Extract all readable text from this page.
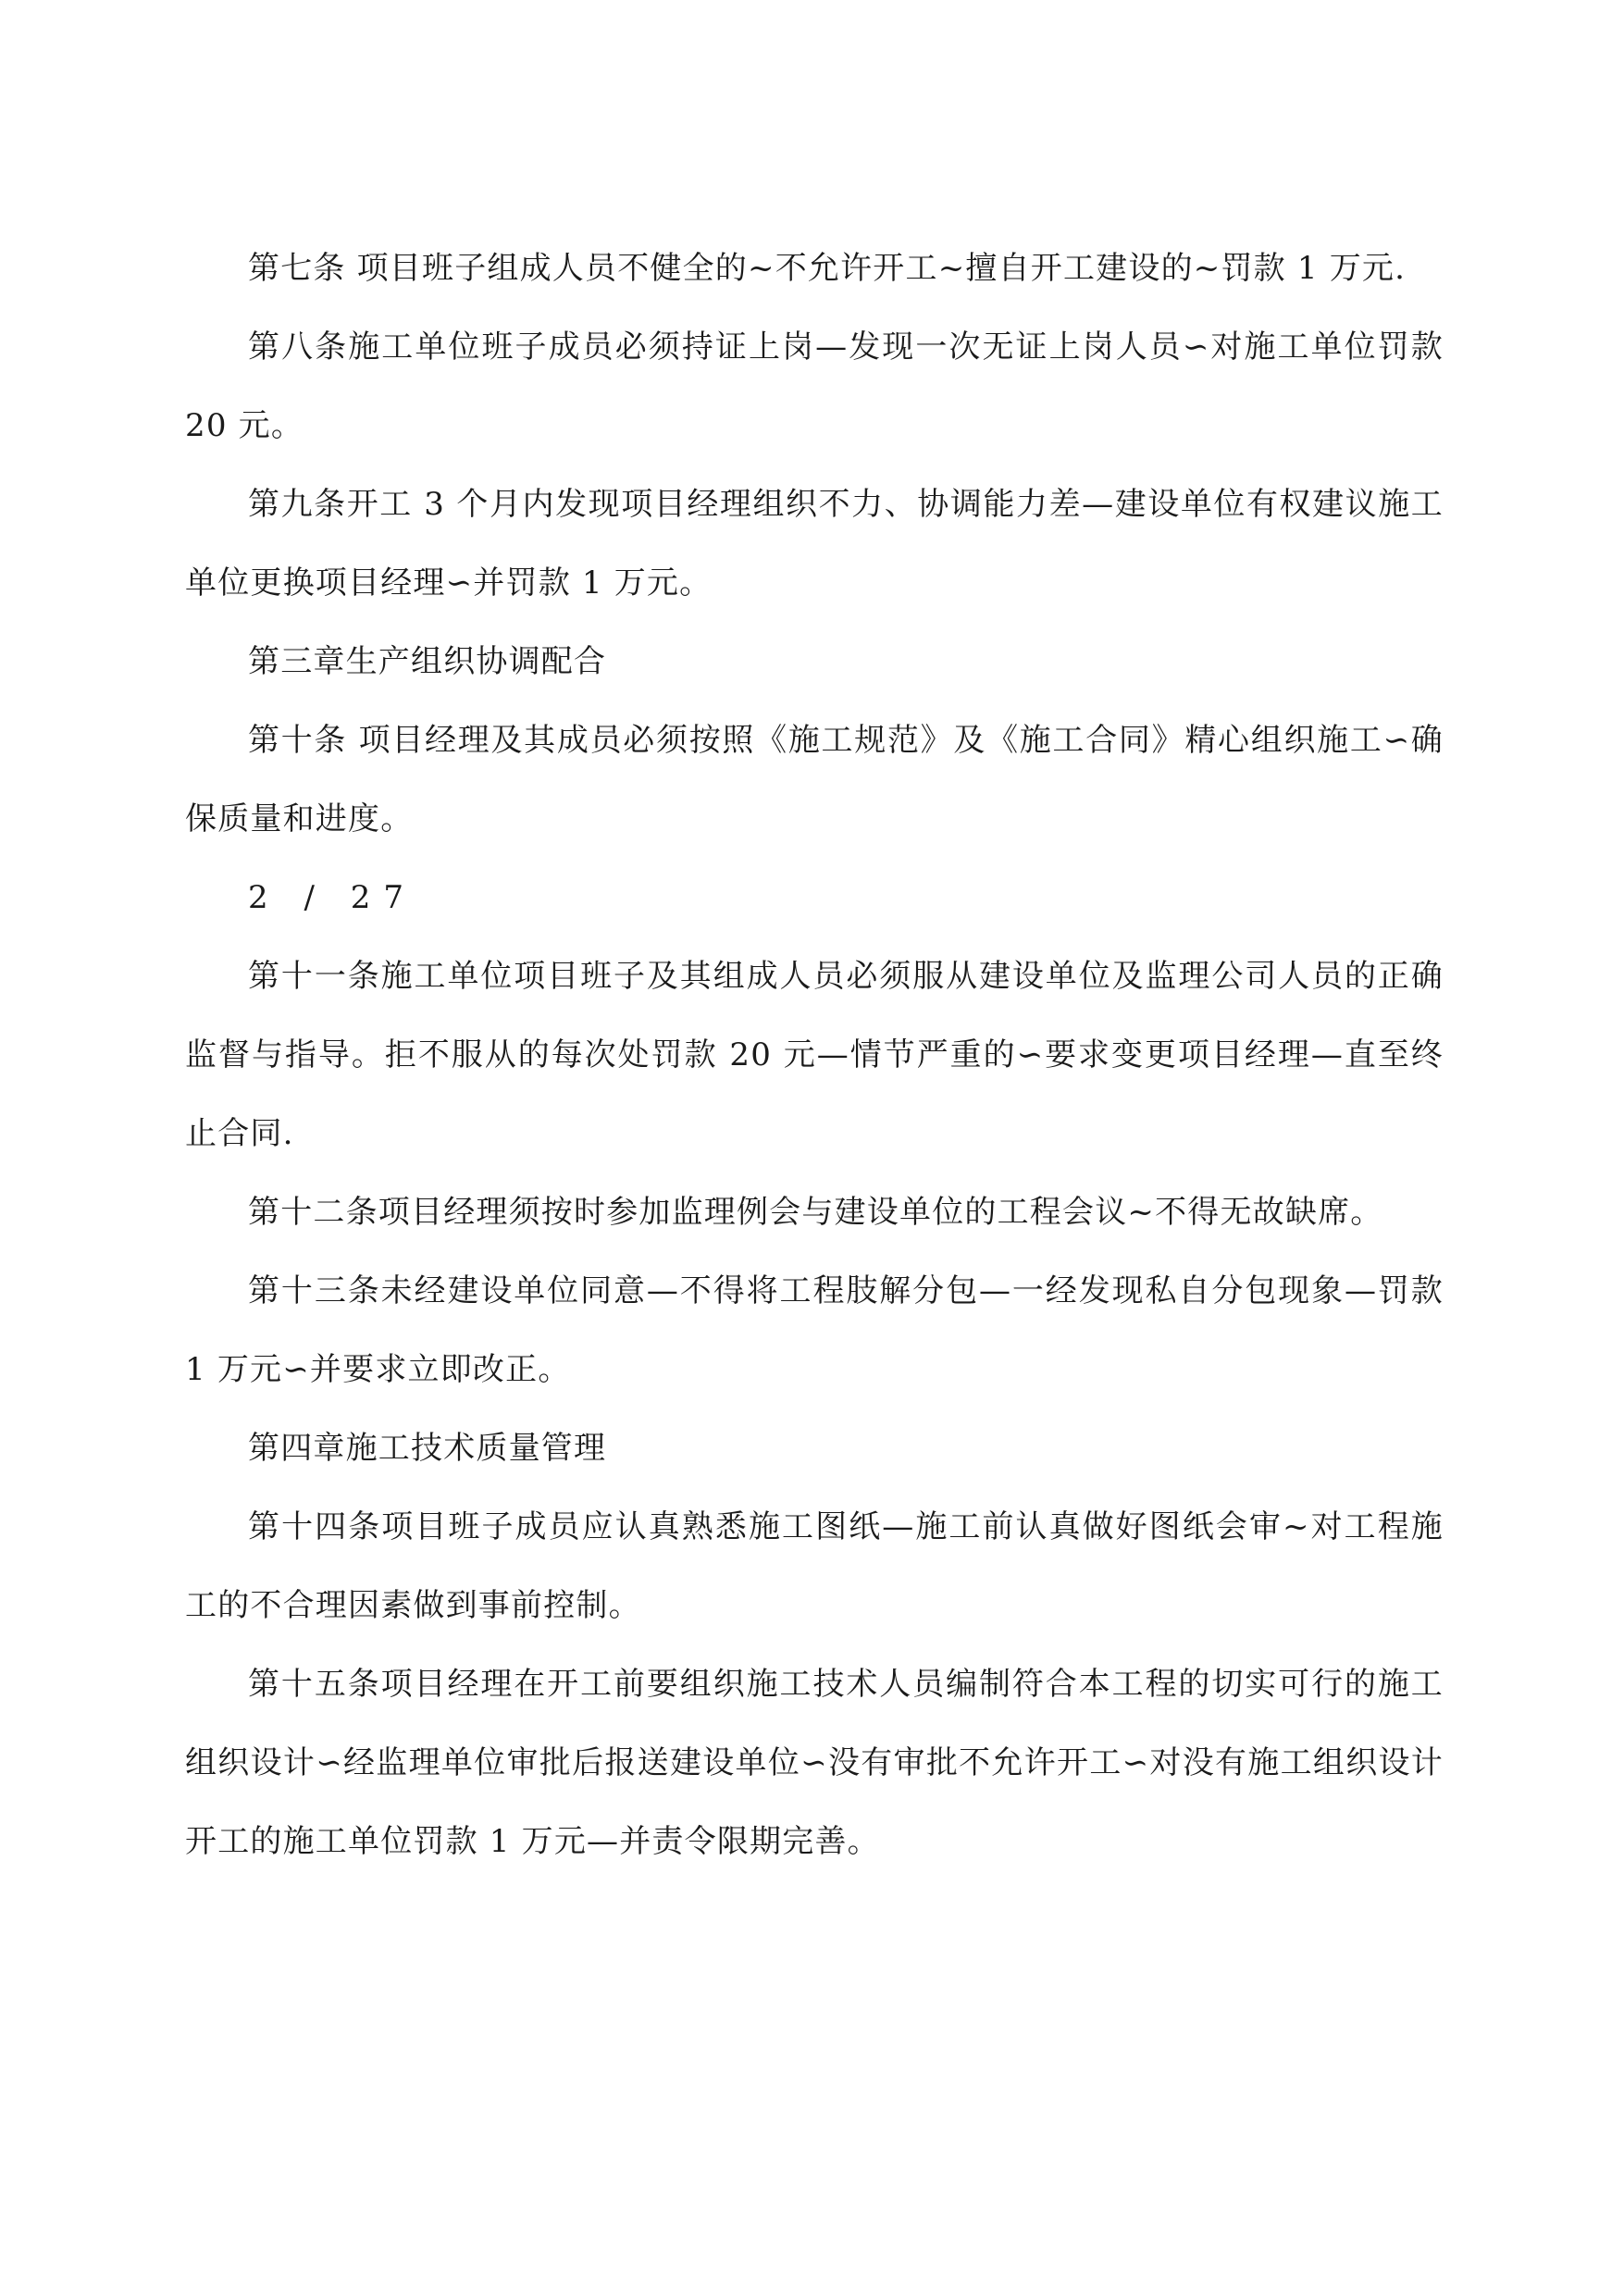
第七条 项目班子组成人员不健全的~不允许开工~擅自开工建设的~罚款 1 万元.

第八条施工单位班子成员必须持证上岗—发现一次无证上岗人员∽对施工单位罚款 20 元。

第九条开工 3 个月内发现项目经理组织不力、协调能力差—建设单位有权建议施工单位更换项目经理∽并罚款 1 万元。

第三章生产组织协调配合

第十条 项目经理及其成员必须按照《施工规范》及《施工合同》精心组织施工∽确保质量和进度。

2 / 27

第十一条施工单位项目班子及其组成人员必须服从建设单位及监理公司人员的正确监督与指导。拒不服从的每次处罚款 20 元—情节严重的∽要求变更项目经理—直至终止合同.

第十二条项目经理须按时参加监理例会与建设单位的工程会议~不得无故缺席。

第十三条未经建设单位同意—不得将工程肢解分包—一经发现私自分包现象—罚款 1 万元∽并要求立即改正。

第四章施工技术质量管理

第十四条项目班子成员应认真熟悉施工图纸—施工前认真做好图纸会审~对工程施工的不合理因素做到事前控制。

第十五条项目经理在开工前要组织施工技术人员编制符合本工程的切实可行的施工组织设计∽经监理单位审批后报送建设单位∽没有审批不允许开工∽对没有施工组织设计开工的施工单位罚款 1 万元—并责令限期完善。
